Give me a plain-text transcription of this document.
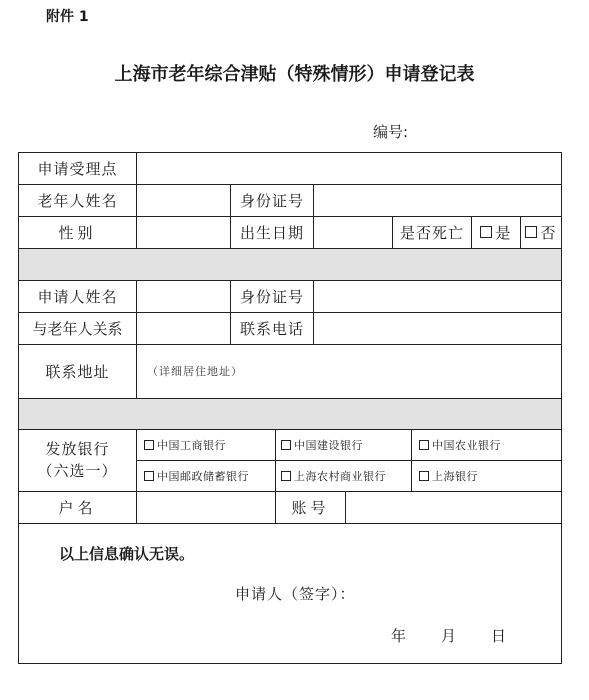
附件 1
上海市老年综合津贴（特殊情形）申请登记表
编号:
申请受理点
老年人姓名	身份证号
性别	出生日期	是否死亡	是 否
申请人姓名	身份证号
与老年人关系	联系电话
联系地址	（详细居住地址）
发放银行
（六选一）
中国工商银行	中国建设银行	中国农业银行
中国邮政储蓄银行	上海农村商业银行	上海银行
户名	账号
以上信息确认无误。
申请人（签字）：
年 月 日
